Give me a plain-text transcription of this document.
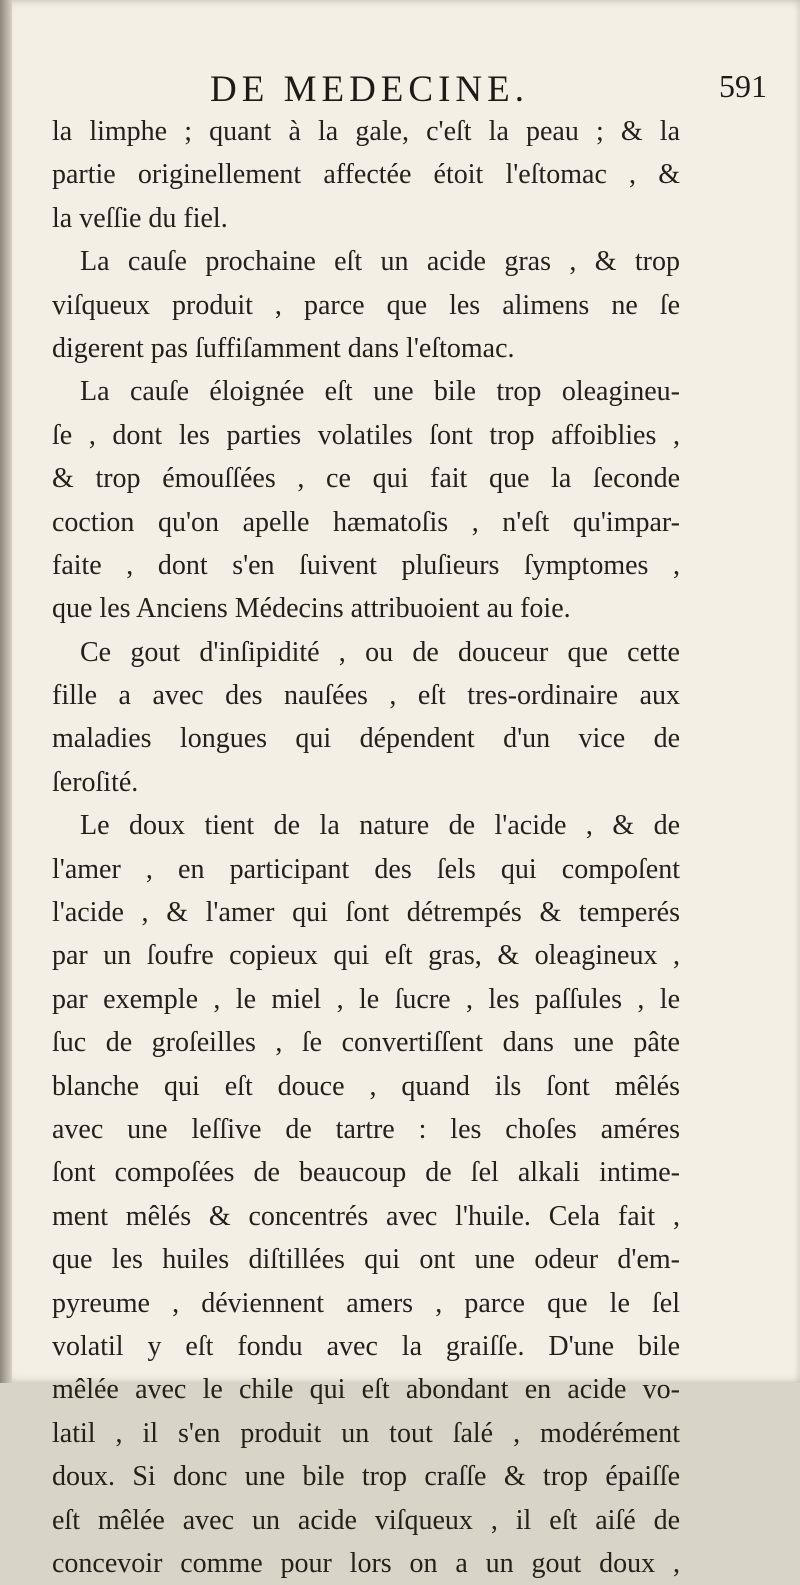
DE MEDECINE.	591
la limphe ; quant à la gale, c'eſt la peau ; & la
partie originellement affectée étoit l'eſtomac , &
la veſſie du fiel.
La cauſe prochaine eſt un acide gras , & trop
viſqueux produit , parce que les alimens ne ſe
digerent pas ſuffiſamment dans l'eſtomac.
La cauſe éloignée eſt une bile trop oleagineu-
ſe , dont les parties volatiles ſont trop affoiblies ,
& trop émouſſées , ce qui fait que la ſeconde
coction qu'on apelle hæmatoſis , n'eſt qu'impar-
faite , dont s'en ſuivent pluſieurs ſymptomes ,
que les Anciens Médecins attribuoient au foie.
Ce gout d'inſipidité , ou de douceur que cette
fille a avec des nauſées , eſt tres-ordinaire aux
maladies longues qui dépendent d'un vice de
ſeroſité.
Le doux tient de la nature de l'acide , & de
l'amer , en participant des ſels qui compoſent
l'acide , & l'amer qui ſont détrempés & temperés
par un ſoufre copieux qui eſt gras, & oleagineux ,
par exemple , le miel , le ſucre , les paſſules , le
ſuc de groſeilles , ſe convertiſſent dans une pâte
blanche qui eſt douce , quand ils ſont mêlés
avec une leſſive de tartre : les choſes améres
ſont compoſées de beaucoup de ſel alkali intime-
ment mêlés & concentrés avec l'huile. Cela fait ,
que les huiles diſtillées qui ont une odeur d'em-
pyreume , déviennent amers , parce que le ſel
volatil y eſt fondu avec la graiſſe. D'une bile
mêlée avec le chile qui eſt abondant en acide vo-
latil , il s'en produit un tout ſalé , modérément
doux. Si donc une bile trop craſſe & trop épaiſſe
eſt mêlée avec un acide viſqueux , il eſt aiſé de
concevoir comme pour lors on a un gout doux ,
